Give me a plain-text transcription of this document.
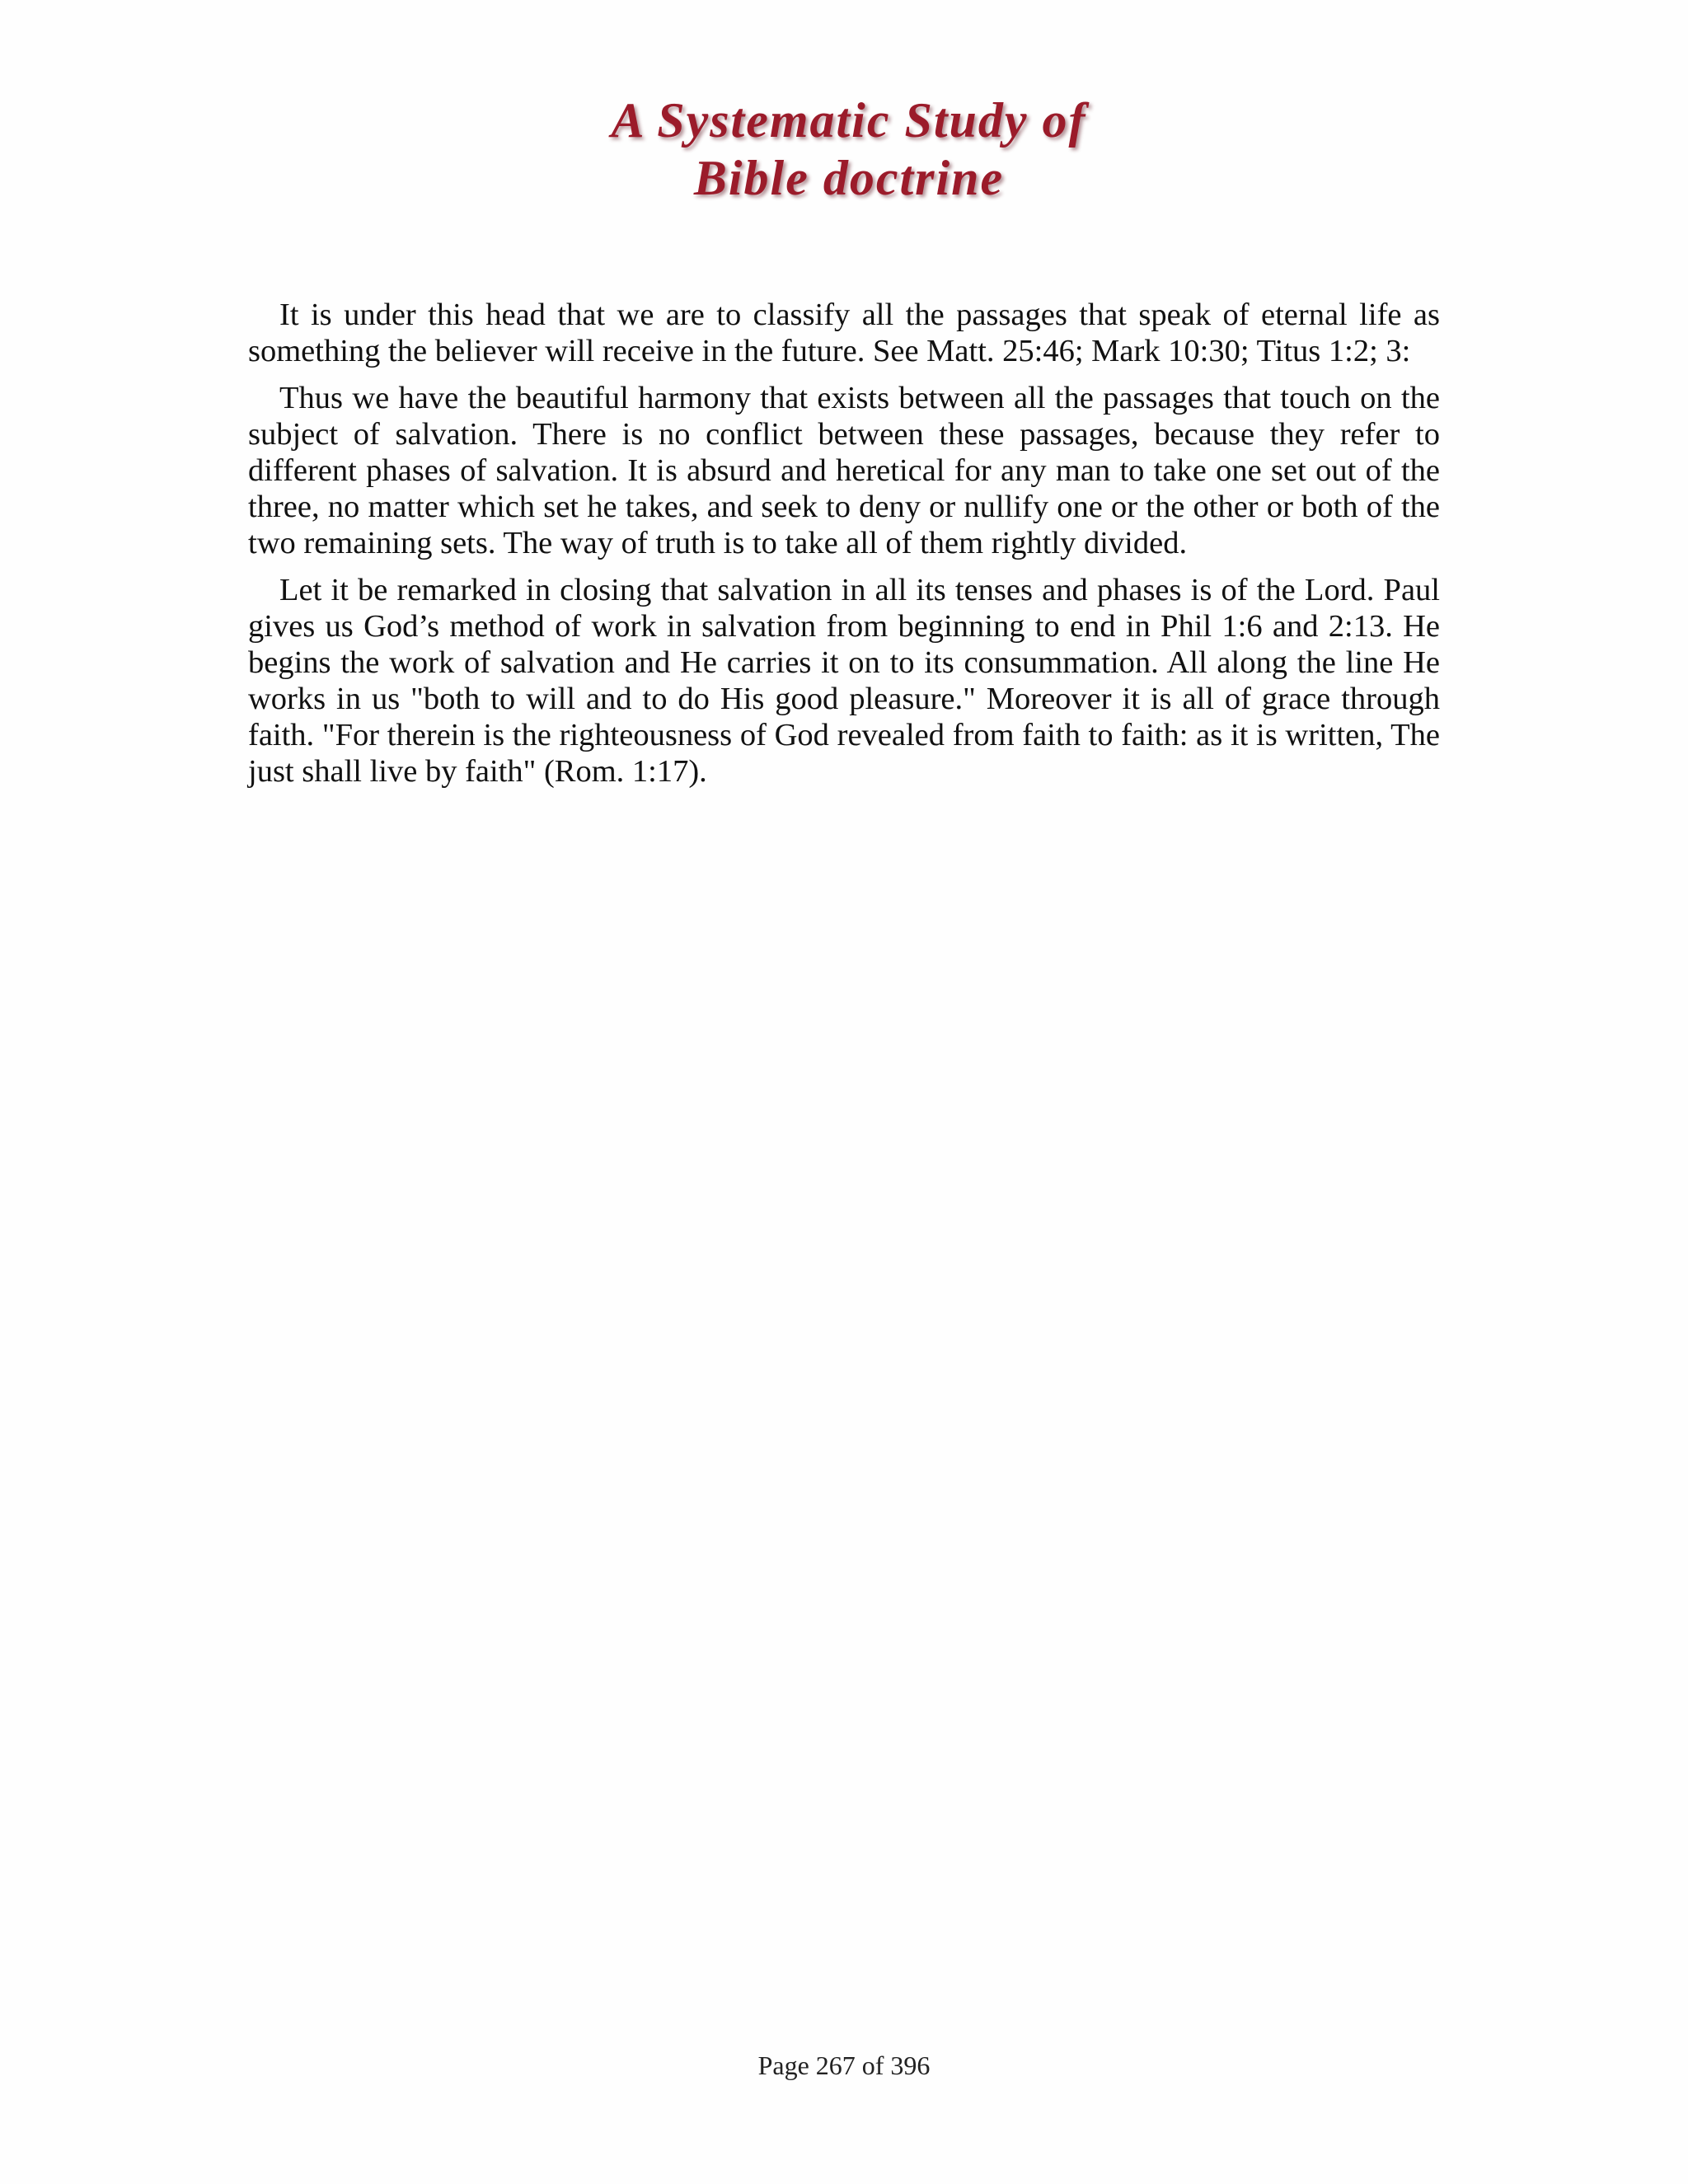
A Systematic Study of
Bible doctrine

It is under this head that we are to classify all the passages that speak of eternal life as something the believer will receive in the future. See Matt. 25:46; Mark 10:30; Titus 1:2; 3:

Thus we have the beautiful harmony that exists between all the passages that touch on the subject of salvation. There is no conflict between these passages, because they refer to different phases of salvation. It is absurd and heretical for any man to take one set out of the three, no matter which set he takes, and seek to deny or nullify one or the other or both of the two remaining sets. The way of truth is to take all of them rightly divided.

Let it be remarked in closing that salvation in all its tenses and phases is of the Lord. Paul gives us God’s method of work in salvation from beginning to end in Phil 1:6 and 2:13. He begins the work of salvation and He carries it on to its consummation. All along the line He works in us "both to will and to do His good pleasure." Moreover it is all of grace through faith. "For therein is the righteousness of God revealed from faith to faith: as it is written, The just shall live by faith" (Rom. 1:17).

Page 267 of 396
